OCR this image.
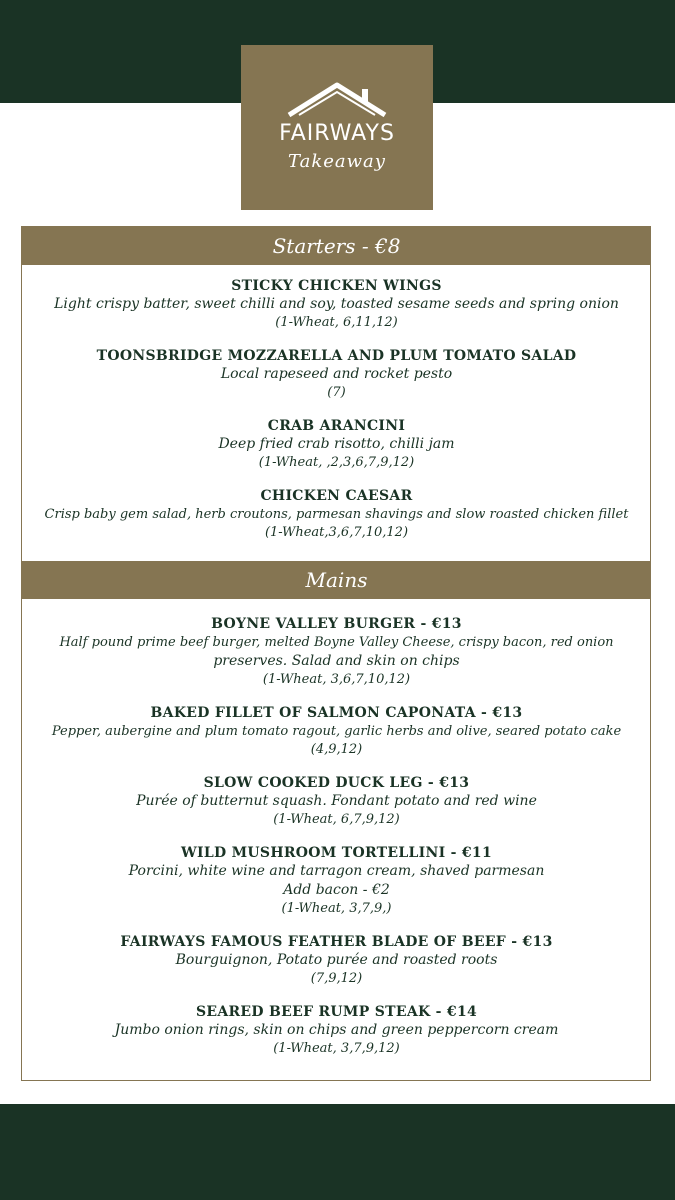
FAIRWAYS
Takeaway
Starters - €8
STICKY CHICKEN WINGS
Light crispy batter, sweet chilli and soy, toasted sesame seeds and spring onion
(1-Wheat, 6,11,12)
TOONSBRIDGE MOZZARELLA AND PLUM TOMATO SALAD
Local rapeseed and rocket pesto
(7)
CRAB ARANCINI
Deep fried crab risotto, chilli jam
(1-Wheat, ,2,3,6,7,9,12)
CHICKEN CAESAR
Crisp baby gem salad, herb croutons, parmesan shavings and slow roasted chicken fillet
(1-Wheat,3,6,7,10,12)
Mains
BOYNE VALLEY BURGER - €13
Half pound prime beef burger, melted Boyne Valley Cheese, crispy bacon, red onion
preserves. Salad and skin on chips
(1-Wheat, 3,6,7,10,12)
BAKED FILLET OF SALMON CAPONATA - €13
Pepper, aubergine and plum tomato ragout, garlic herbs and olive, seared potato cake
(4,9,12)
SLOW COOKED DUCK LEG - €13
Purée of butternut squash. Fondant potato and red wine
(1-Wheat, 6,7,9,12)
WILD MUSHROOM TORTELLINI - €11
Porcini, white wine and tarragon cream, shaved parmesan
Add bacon - €2
(1-Wheat, 3,7,9,)
FAIRWAYS FAMOUS FEATHER BLADE OF BEEF - €13
Bourguignon, Potato purée and roasted roots
(7,9,12)
SEARED BEEF RUMP STEAK - €14
Jumbo onion rings, skin on chips and green peppercorn cream
(1-Wheat, 3,7,9,12)
